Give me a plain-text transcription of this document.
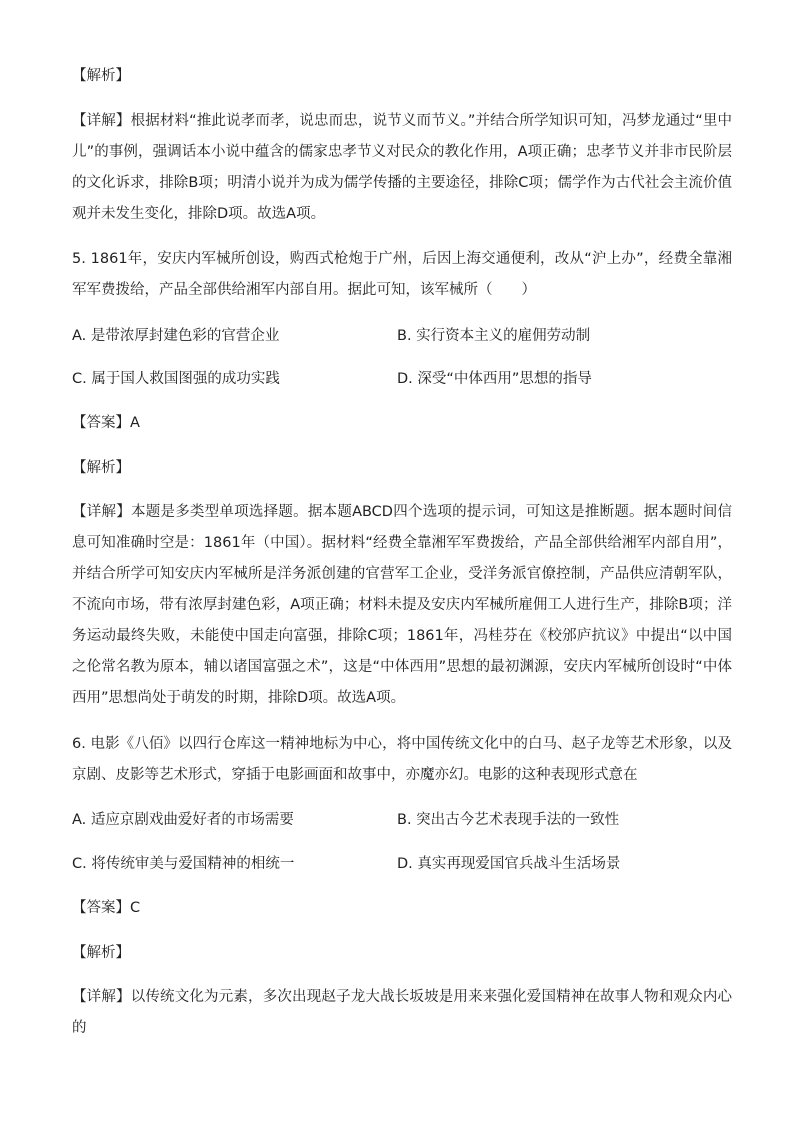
【解析】
【详解】根据材料“推此说孝而孝，说忠而忠，说节义而节义。”并结合所学知识可知，冯梦龙通过“里中儿”的事例，强调话本小说中蕴含的儒家忠孝节义对民众的教化作用，A项正确；忠孝节义并非市民阶层的文化诉求，排除B项；明清小说并为成为儒学传播的主要途径，排除C项；儒学作为古代社会主流价值观并未发生变化，排除D项。故选A项。
5. 1861年，安庆内军械所创设，购西式枪炮于广州，后因上海交通便利，改从“沪上办”，经费全靠湘军军费拨给，产品全部供给湘军内部自用。据此可知，该军械所（　　）
A. 是带浓厚封建色彩的官营企业	B. 实行资本主义的雇佣劳动制
C. 属于国人救国图强的成功实践	D. 深受“中体西用”思想的指导
【答案】A
【解析】
【详解】本题是多类型单项选择题。据本题ABCD四个选项的提示词，可知这是推断题。据本题时间信息可知准确时空是：1861年（中国）。据材料“经费全靠湘军军费拨给，产品全部供给湘军内部自用”，并结合所学可知安庆内军械所是洋务派创建的官营军工企业，受洋务派官僚控制，产品供应清朝军队，不流向市场，带有浓厚封建色彩，A项正确；材料未提及安庆内军械所雇佣工人进行生产，排除B项；洋务运动最终失败，未能使中国走向富强，排除C项；1861年，冯桂芬在《校邠庐抗议》中提出“以中国之伦常名教为原本，辅以诸国富强之术”，这是“中体西用”思想的最初渊源，安庆内军械所创设时“中体西用”思想尚处于萌发的时期，排除D项。故选A项。
6. 电影《八佰》以四行仓库这一精神地标为中心，将中国传统文化中的白马、赵子龙等艺术形象，以及京剧、皮影等艺术形式，穿插于电影画面和故事中，亦魔亦幻。电影的这种表现形式意在
A. 适应京剧戏曲爱好者的市场需要	B. 突出古今艺术表现手法的一致性
C. 将传统审美与爱国精神的相统一	D. 真实再现爱国官兵战斗生活场景
【答案】C
【解析】
【详解】以传统文化为元素，多次出现赵子龙大战长坂坡是用来来强化爱国精神在故事人物和观众内心的
